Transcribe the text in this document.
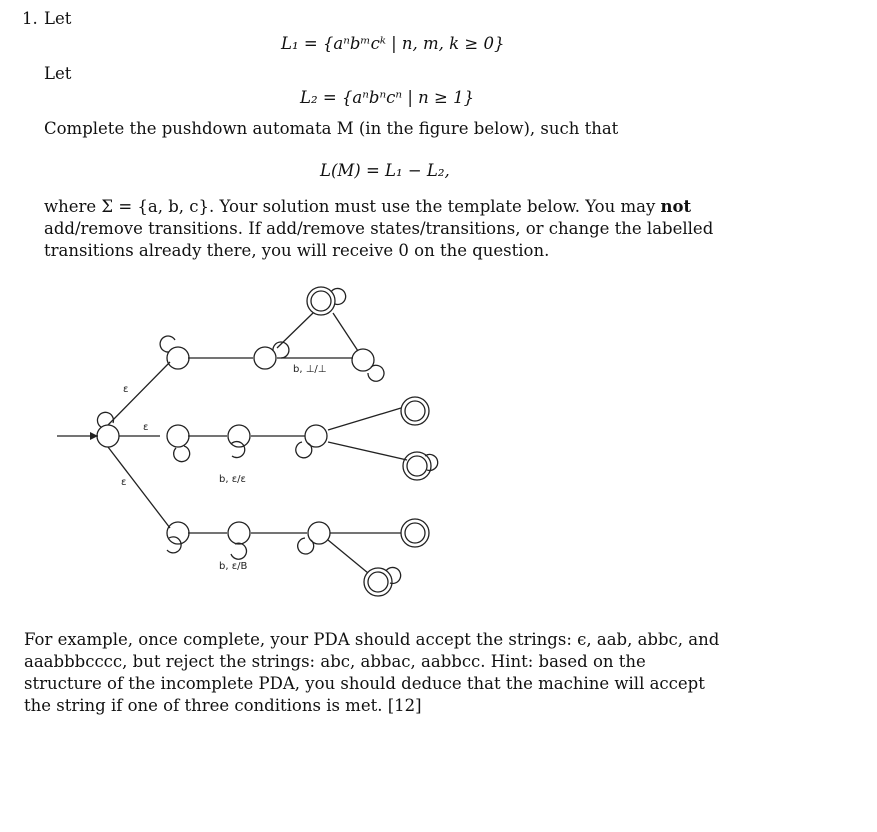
1. Let
L₁ = {aⁿbᵐcᵏ | n, m, k ≥ 0}
Let
L₂ = {aⁿbⁿcⁿ | n ≥ 1}
Complete the pushdown automata M (in the figure below), such that
L(M) = L₁ − L₂,
where Σ = {a, b, c}. Your solution must use the template below. You may not add/remove transitions. If add/remove states/transitions, or change the labelled transitions already there, you will receive 0 on the question.
ε
ε
ε
b, ⊥/⊥
b, ε/ε
b, ε/B
For example, once complete, your PDA should accept the strings: ϵ, aab, abbc, and aaabbbcccc, but reject the strings: abc, abbac, aabbcc. Hint: based on the structure of the incomplete PDA, you should deduce that the machine will accept the string if one of three conditions is met. [12]
